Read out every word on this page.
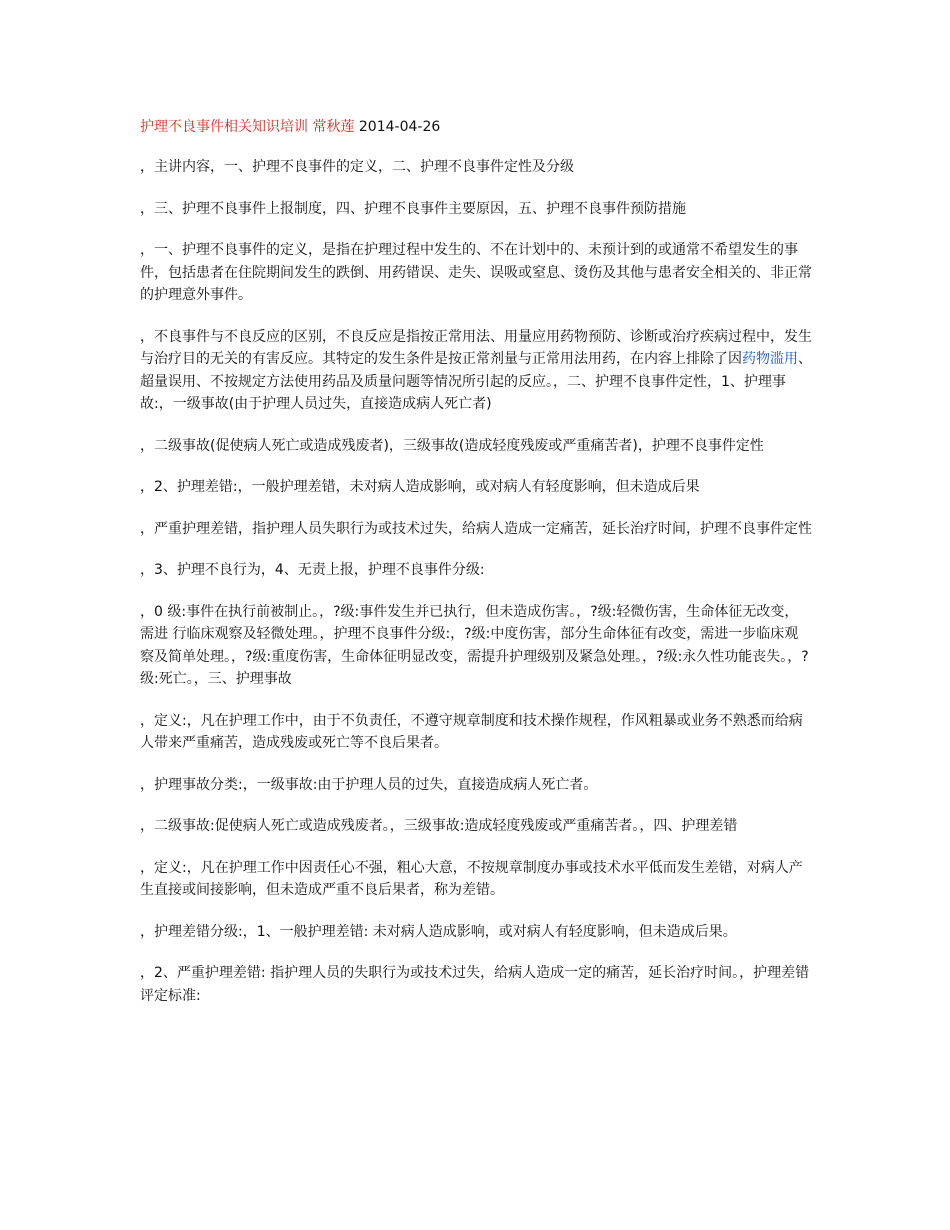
护理不良事件相关知识培训 常秋莲 2014-04-26

，主讲内容，一、护理不良事件的定义，二、护理不良事件定性及分级

，三、护理不良事件上报制度，四、护理不良事件主要原因，五、护理不良事件预防措施

，一、护理不良事件的定义，是指在护理过程中发生的、不在计划中的、未预计到的或通常不希望发生的事件，包括患者在住院期间发生的跌倒、用药错误、走失、误吸或窒息、烫伤及其他与患者安全相关的、非正常的护理意外事件。

，不良事件与不良反应的区别，不良反应是指按正常用法、用量应用药物预防、诊断或治疗疾病过程中，发生与治疗目的无关的有害反应。其特定的发生条件是按正常剂量与正常用法用药，在内容上排除了因药物滥用、超量误用、不按规定方法使用药品及质量问题等情况所引起的反应。，二、护理不良事件定性，1、护理事故:，一级事故(由于护理人员过失，直接造成病人死亡者)

，二级事故(促使病人死亡或造成残废者)，三级事故(造成轻度残废或严重痛苦者)，护理不良事件定性

，2、护理差错:，一般护理差错，未对病人造成影响，或对病人有轻度影响，但未造成后果

，严重护理差错，指护理人员失职行为或技术过失，给病人造成一定痛苦，延长治疗时间，护理不良事件定性

，3、护理不良行为，4、无责上报，护理不良事件分级:

，0 级:事件在执行前被制止。，?级:事件发生并已执行，但未造成伤害。，?级:轻微伤害，生命体征无改变，需进 行临床观察及轻微处理。，护理不良事件分级:，?级:中度伤害，部分生命体征有改变，需进一步临床观察及简单处理。，?级:重度伤害，生命体征明显改变，需提升护理级别及紧急处理。，?级:永久性功能丧失。，?级:死亡。，三、护理事故

，定义:，凡在护理工作中，由于不负责任，不遵守规章制度和技术操作规程，作风粗暴或业务不熟悉而给病人带来严重痛苦，造成残废或死亡等不良后果者。

，护理事故分类:，一级事故:由于护理人员的过失，直接造成病人死亡者。

，二级事故:促使病人死亡或造成残废者。，三级事故:造成轻度残废或严重痛苦者。，四、护理差错

，定义:，凡在护理工作中因责任心不强，粗心大意，不按规章制度办事或技术水平低而发生差错，对病人产生直接或间接影响，但未造成严重不良后果者，称为差错。

，护理差错分级:，1、一般护理差错: 未对病人造成影响，或对病人有轻度影响，但未造成后果。

，2、严重护理差错: 指护理人员的失职行为或技术过失，给病人造成一定的痛苦，延长治疗时间。，护理差错评定标准:
